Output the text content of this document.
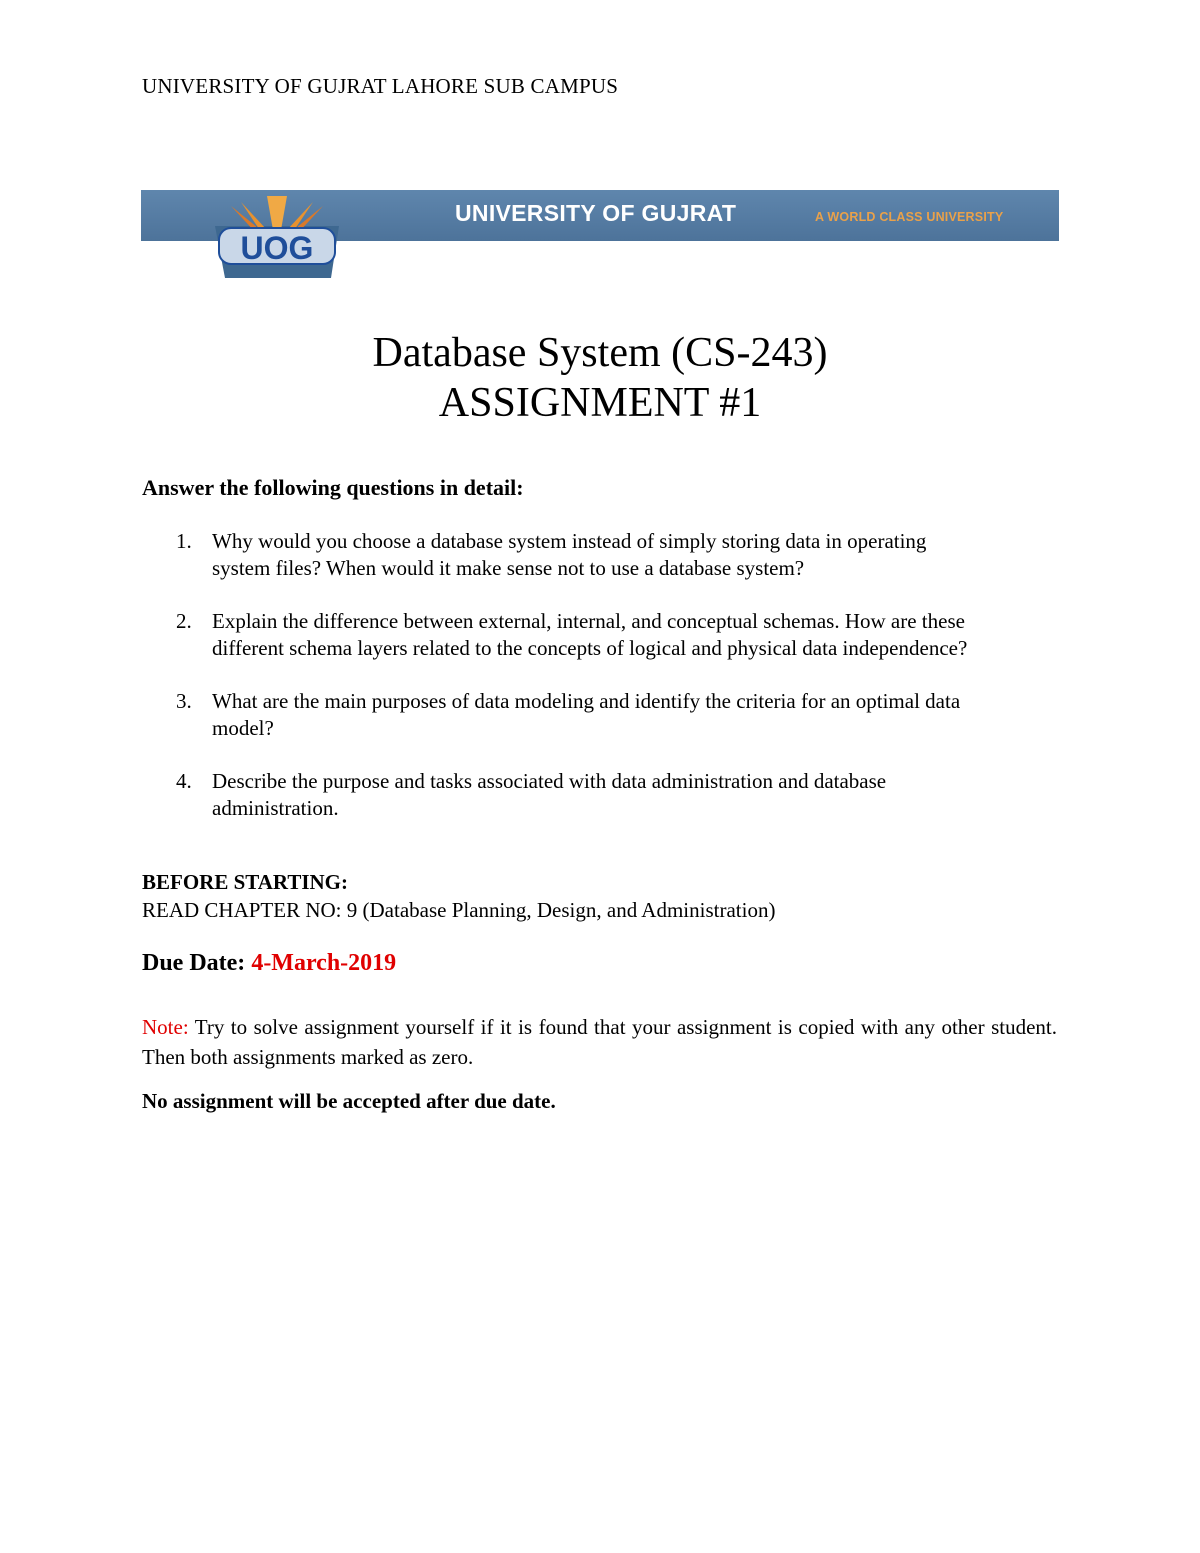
UNIVERSITY OF GUJRAT LAHORE SUB CAMPUS
UOG
UNIVERSITY OF GUJRAT	A WORLD CLASS UNIVERSITY
Database System (CS-243)
ASSIGNMENT #1
Answer the following questions in detail:
1. Why would you choose a database system instead of simply storing data in operating
system files? When would it make sense not to use a database system?
2. Explain the difference between external, internal, and conceptual schemas. How are these
different schema layers related to the concepts of logical and physical data independence?
3. What are the main purposes of data modeling and identify the criteria for an optimal data
model?
4. Describe the purpose and tasks associated with data administration and database
administration.
BEFORE STARTING:
READ CHAPTER NO: 9 (Database Planning, Design, and Administration)
Due Date: 4-March-2019
Note: Try to solve assignment yourself if it is found that your assignment is copied with any other student. Then both assignments marked as zero.
No assignment will be accepted after due date.
